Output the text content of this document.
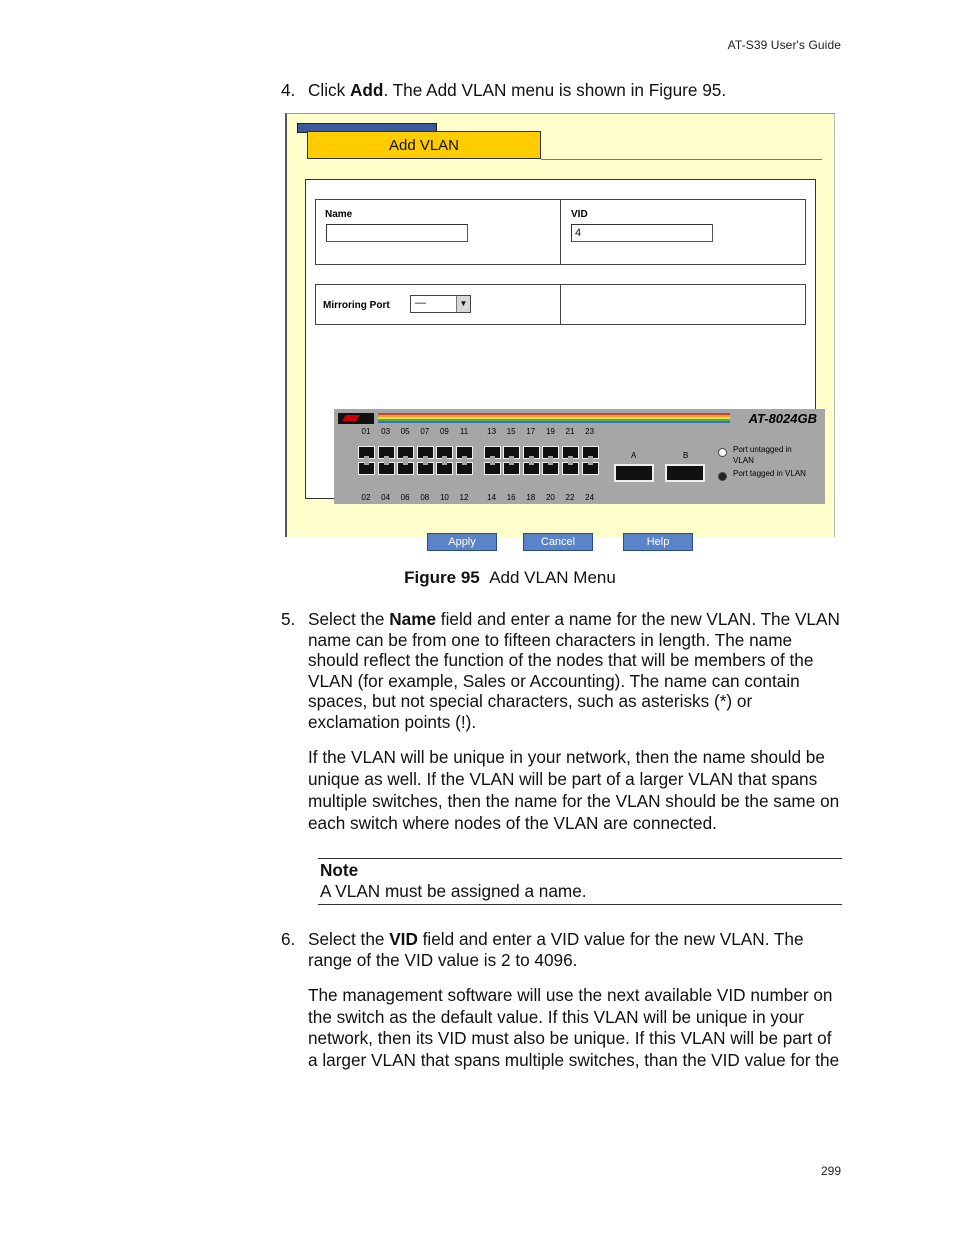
AT-S39 User's Guide
299
4. Click Add. The Add VLAN menu is shown in Figure 95.
Add VLAN
Name	VID
4
Mirroring Port	—	▼
AT-8024GB
01
02
03
04
05
06
07
08
09
10
11
12
13
14
15
16
17
18
19
20
21
22
23
24
A	B
Port untagged in VLAN
Port tagged in VLAN
Apply	Cancel	Help
Figure 95 Add VLAN Menu
5. Select the Name field and enter a name for the new VLAN. The VLAN name can be from one to fifteen characters in length. The name should reflect the function of the nodes that will be members of the VLAN (for example, Sales or Accounting). The name can contain spaces, but not special characters, such as asterisks (*) or exclamation points (!).
If the VLAN will be unique in your network, then the name should be unique as well. If the VLAN will be part of a larger VLAN that spans multiple switches, then the name for the VLAN should be the same on each switch where nodes of the VLAN are connected.
Note
A VLAN must be assigned a name.
6. Select the VID field and enter a VID value for the new VLAN. The range of the VID value is 2 to 4096.
The management software will use the next available VID number on the switch as the default value. If this VLAN will be unique in your network, then its VID must also be unique. If this VLAN will be part of a larger VLAN that spans multiple switches, than the VID value for the
